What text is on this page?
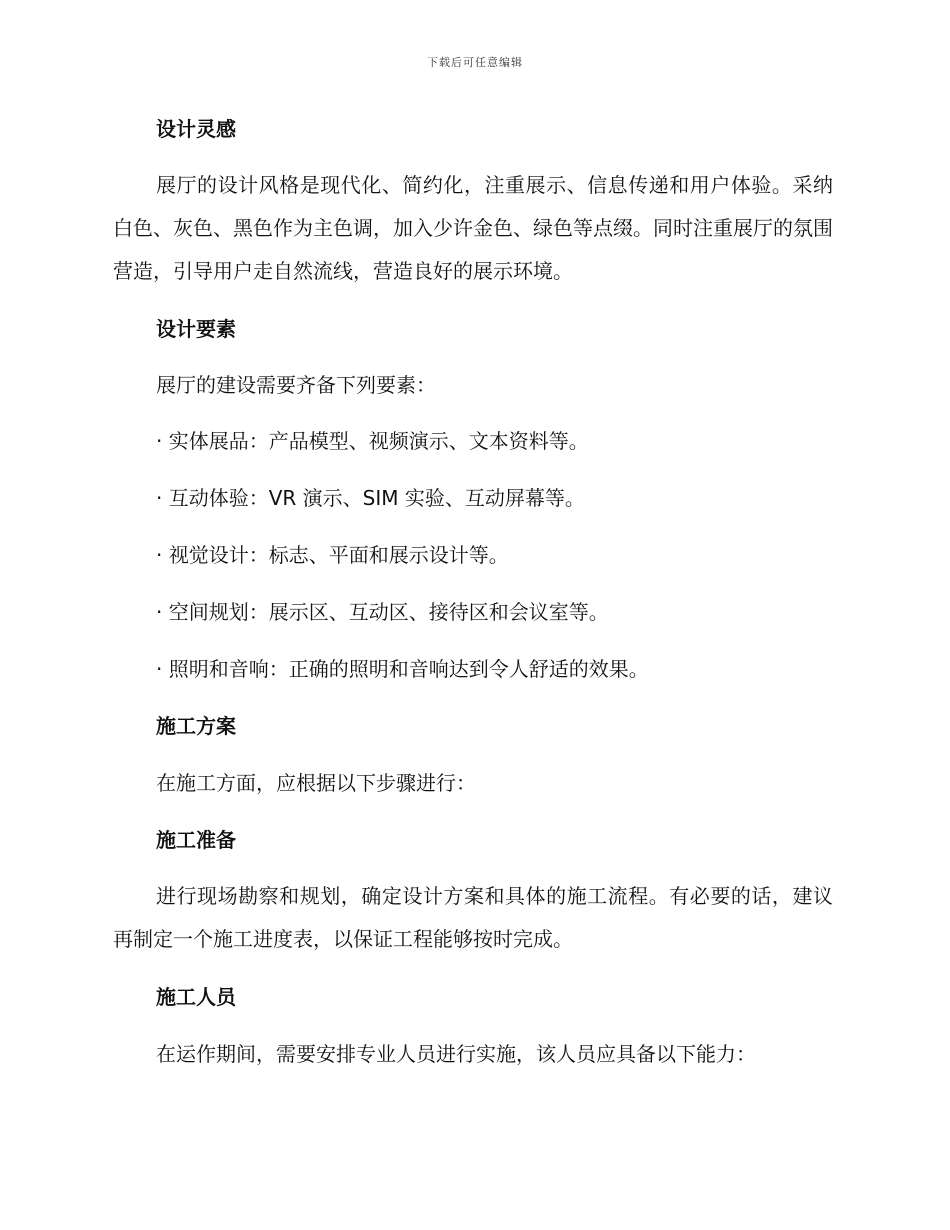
下载后可任意编辑

设计灵感

展厅的设计风格是现代化、简约化，注重展示、信息传递和用户体验。采纳白色、灰色、黑色作为主色调，加入少许金色、绿色等点缀。同时注重展厅的氛围营造，引导用户走自然流线，营造良好的展示环境。

设计要素

展厅的建设需要齐备下列要素：

· 实体展品：产品模型、视频演示、文本资料等。

· 互动体验：VR 演示、SIM 实验、互动屏幕等。

· 视觉设计：标志、平面和展示设计等。

· 空间规划：展示区、互动区、接待区和会议室等。

· 照明和音响：正确的照明和音响达到令人舒适的效果。

施工方案

在施工方面，应根据以下步骤进行：

施工准备

进行现场勘察和规划，确定设计方案和具体的施工流程。有必要的话，建议再制定一个施工进度表，以保证工程能够按时完成。

施工人员

在运作期间，需要安排专业人员进行实施，该人员应具备以下能力：
